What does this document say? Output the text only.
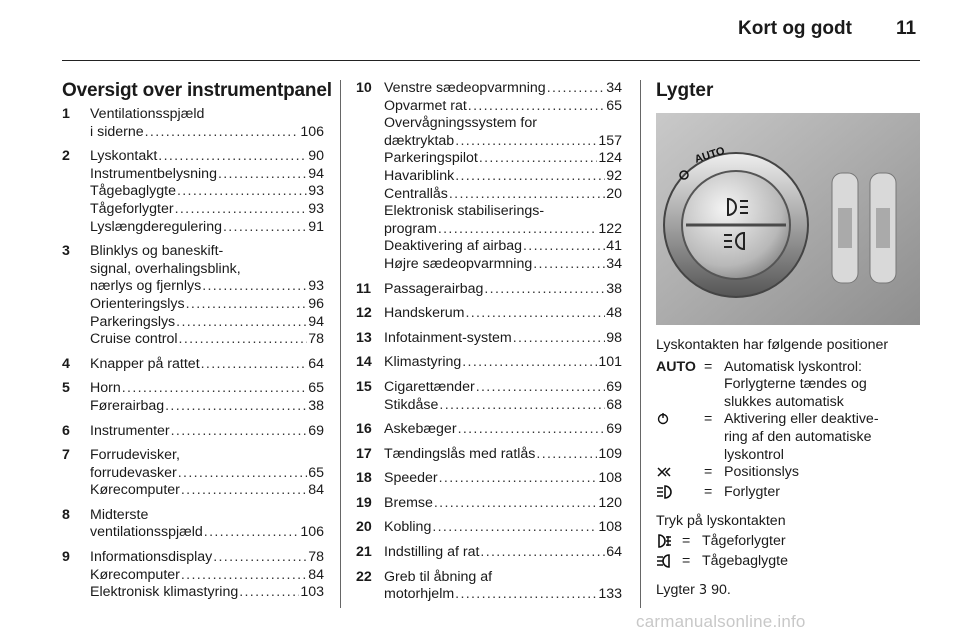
Kort og godt 11
Oversigt over instrumentpanel
1	Ventilationsspjæld
i siderne . . .	106
2	Lyskontakt . . .	90
Instrumentbelysning . . .	94
Tågebaglygte . . .	93
Tågeforlygter . . .	93
Lyslængderegulering . . .	91
3	Blinklys og baneskift-
signal, overhalingsblink,
nærlys og fjernlys . . .	93
Orienteringslys . . .	96
Parkeringslys . . .	94
Cruise control . . .	78
4	Knapper på rattet . . .	64
5	Horn . . .	65
Førerairbag . . .	38
6	Instrumenter . . .	69
7	Forrudevisker,
forrudevasker . . .	65
Kørecomputer . . .	84
8	Midterste
ventilationsspjæld . . .	106
9	Informationsdisplay . . .	78
Kørecomputer . . .	84
Elektronisk klimastyring . . .	103
10 Venstre sædeopvarmning . . .	34
Opvarmet rat . . .	65
Overvågningssystem for
dæktryktab . . .	157
Parkeringspilot . . .	124
Havariblink . . .	92
Centrallås . . .	20
Elektronisk stabiliserings-
program . . .	122
Deaktivering af airbag . . .	41
Højre sædeopvarmning . . .	34
11 Passagerairbag . . .	38
12 Handskerum . . .	48
13 Infotainment-system . . .	98
14 Klimastyring . . .	101
15 Cigarettænder . . .	69
Stikdåse . . .	68
16 Askebæger . . .	69
17 Tændingslås med ratlås . . .	109
18 Speeder . . .	108
19 Bremse . . .	120
20 Kobling . . .	108
21 Indstilling af rat . . .	64
22 Greb til åbning af
motorhjelm . . .	133
Lygter
AUTO
Lyskontakten har følgende positioner
AUTO = Automatisk lyskontrol:
Forlygterne tændes og
slukkes automatisk
= Aktivering eller deaktive-
ring af den automatiske
lyskontrol
= Positionslys
= Forlygter
Tryk på lyskontakten
= Tågeforlygter
= Tågebaglygte
Lygter 3 90.
carmanualsonline.info
